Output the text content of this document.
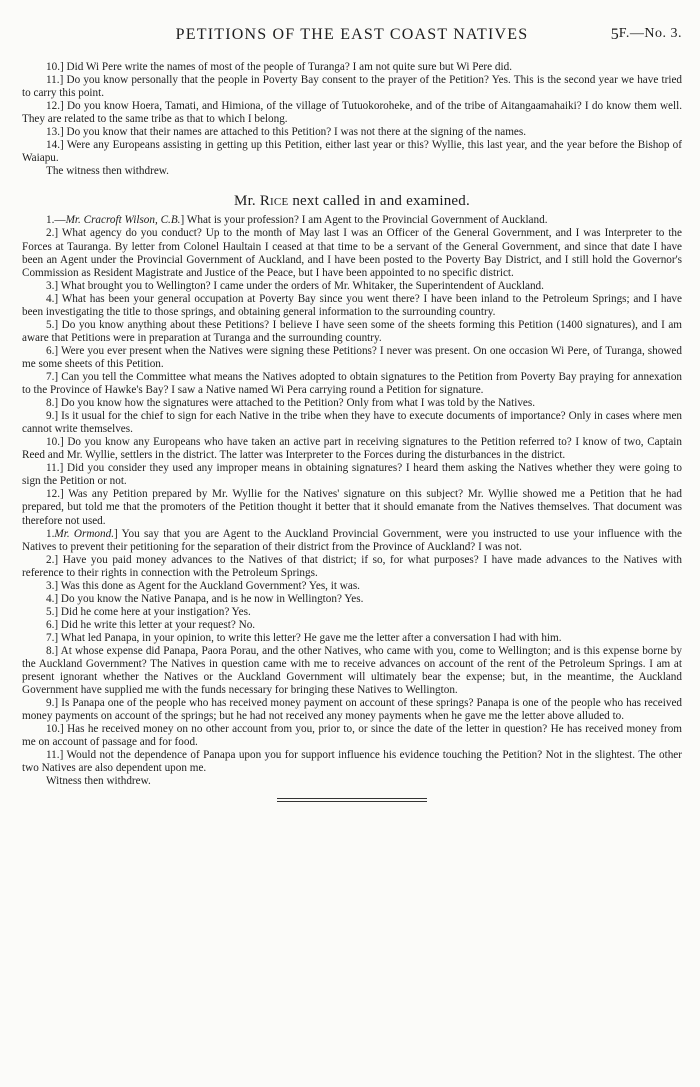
PETITIONS OF THE EAST COAST NATIVES	5
F.—No. 3.

10.] Did Wi Pere write the names of most of the people of Turanga? I am not quite sure but Wi Pere did.

11.] Do you know personally that the people in Poverty Bay consent to the prayer of the Petition? Yes. This is the second year we have tried to carry this point.

12.] Do you know Hoera, Tamati, and Himiona, of the village of Tutuokoroheke, and of the tribe of Aitangaamahaiki? I do know them well. They are related to the same tribe as that to which I belong.

13.] Do you know that their names are attached to this Petition? I was not there at the signing of the names.

14.] Were any Europeans assisting in getting up this Petition, either last year or this? Wyllie, this last year, and the year before the Bishop of Waiapu.

The witness then withdrew.

Mr. Rice next called in and examined.

1.—Mr. Cracroft Wilson, C.B.] What is your profession? I am Agent to the Provincial Government of Auckland.

2.] What agency do you conduct? Up to the month of May last I was an Officer of the General Government, and I was Interpreter to the Forces at Tauranga. By letter from Colonel Haultain I ceased at that time to be a servant of the General Government, and since that date I have been an Agent under the Provincial Government of Auckland, and I have been posted to the Poverty Bay District, and I still hold the Governor's Commission as Resident Magistrate and Justice of the Peace, but I have been appointed to no specific district.

3.] What brought you to Wellington? I came under the orders of Mr. Whitaker, the Superintendent of Auckland.

4.] What has been your general occupation at Poverty Bay since you went there? I have been inland to the Petroleum Springs; and I have been investigating the title to those springs, and obtaining general information to the surrounding country.

5.] Do you know anything about these Petitions? I believe I have seen some of the sheets forming this Petition (1400 signatures), and I am aware that Petitions were in preparation at Turanga and the surrounding country.

6.] Were you ever present when the Natives were signing these Petitions? I never was present. On one occasion Wi Pere, of Turanga, showed me some sheets of this Petition.

7.] Can you tell the Committee what means the Natives adopted to obtain signatures to the Petition from Poverty Bay praying for annexation to the Province of Hawke's Bay? I saw a Native named Wi Pera carrying round a Petition for signature.

8.] Do you know how the signatures were attached to the Petition? Only from what I was told by the Natives.

9.] Is it usual for the chief to sign for each Native in the tribe when they have to execute documents of importance? Only in cases where men cannot write themselves.

10.] Do you know any Europeans who have taken an active part in receiving signatures to the Petition referred to? I know of two, Captain Reed and Mr. Wyllie, settlers in the district. The latter was Interpreter to the Forces during the disturbances in the district.

11.] Did you consider they used any improper means in obtaining signatures? I heard them asking the Natives whether they were going to sign the Petition or not.

12.] Was any Petition prepared by Mr. Wyllie for the Natives' signature on this subject? Mr. Wyllie showed me a Petition that he had prepared, but told me that the promoters of the Petition thought it better that it should emanate from the Natives themselves. That document was therefore not used.

1.Mr. Ormond.] You say that you are Agent to the Auckland Provincial Government, were you instructed to use your influence with the Natives to prevent their petitioning for the separation of their district from the Province of Auckland? I was not.

2.] Have you paid money advances to the Natives of that district; if so, for what purposes? I have made advances to the Natives with reference to their rights in connection with the Petroleum Springs.

3.] Was this done as Agent for the Auckland Government? Yes, it was.

4.] Do you know the Native Panapa, and is he now in Wellington? Yes.

5.] Did he come here at your instigation? Yes.

6.] Did he write this letter at your request? No.

7.] What led Panapa, in your opinion, to write this letter? He gave me the letter after a conversation I had with him.

8.] At whose expense did Panapa, Paora Porau, and the other Natives, who came with you, come to Wellington; and is this expense borne by the Auckland Government? The Natives in question came with me to receive advances on account of the rent of the Petroleum Springs. I am at present ignorant whether the Natives or the Auckland Government will ultimately bear the expense; but, in the meantime, the Auckland Government have supplied me with the funds necessary for bringing these Natives to Wellington.

9.] Is Panapa one of the people who has received money payment on account of these springs? Panapa is one of the people who has received money payments on account of the springs; but he had not received any money payments when he gave me the letter above alluded to.

10.] Has he received money on no other account from you, prior to, or since the date of the letter in question? He has received money from me on account of passage and for food.

11.] Would not the dependence of Panapa upon you for support influence his evidence touching the Petition? Not in the slightest. The other two Natives are also dependent upon me.

Witness then withdrew.
